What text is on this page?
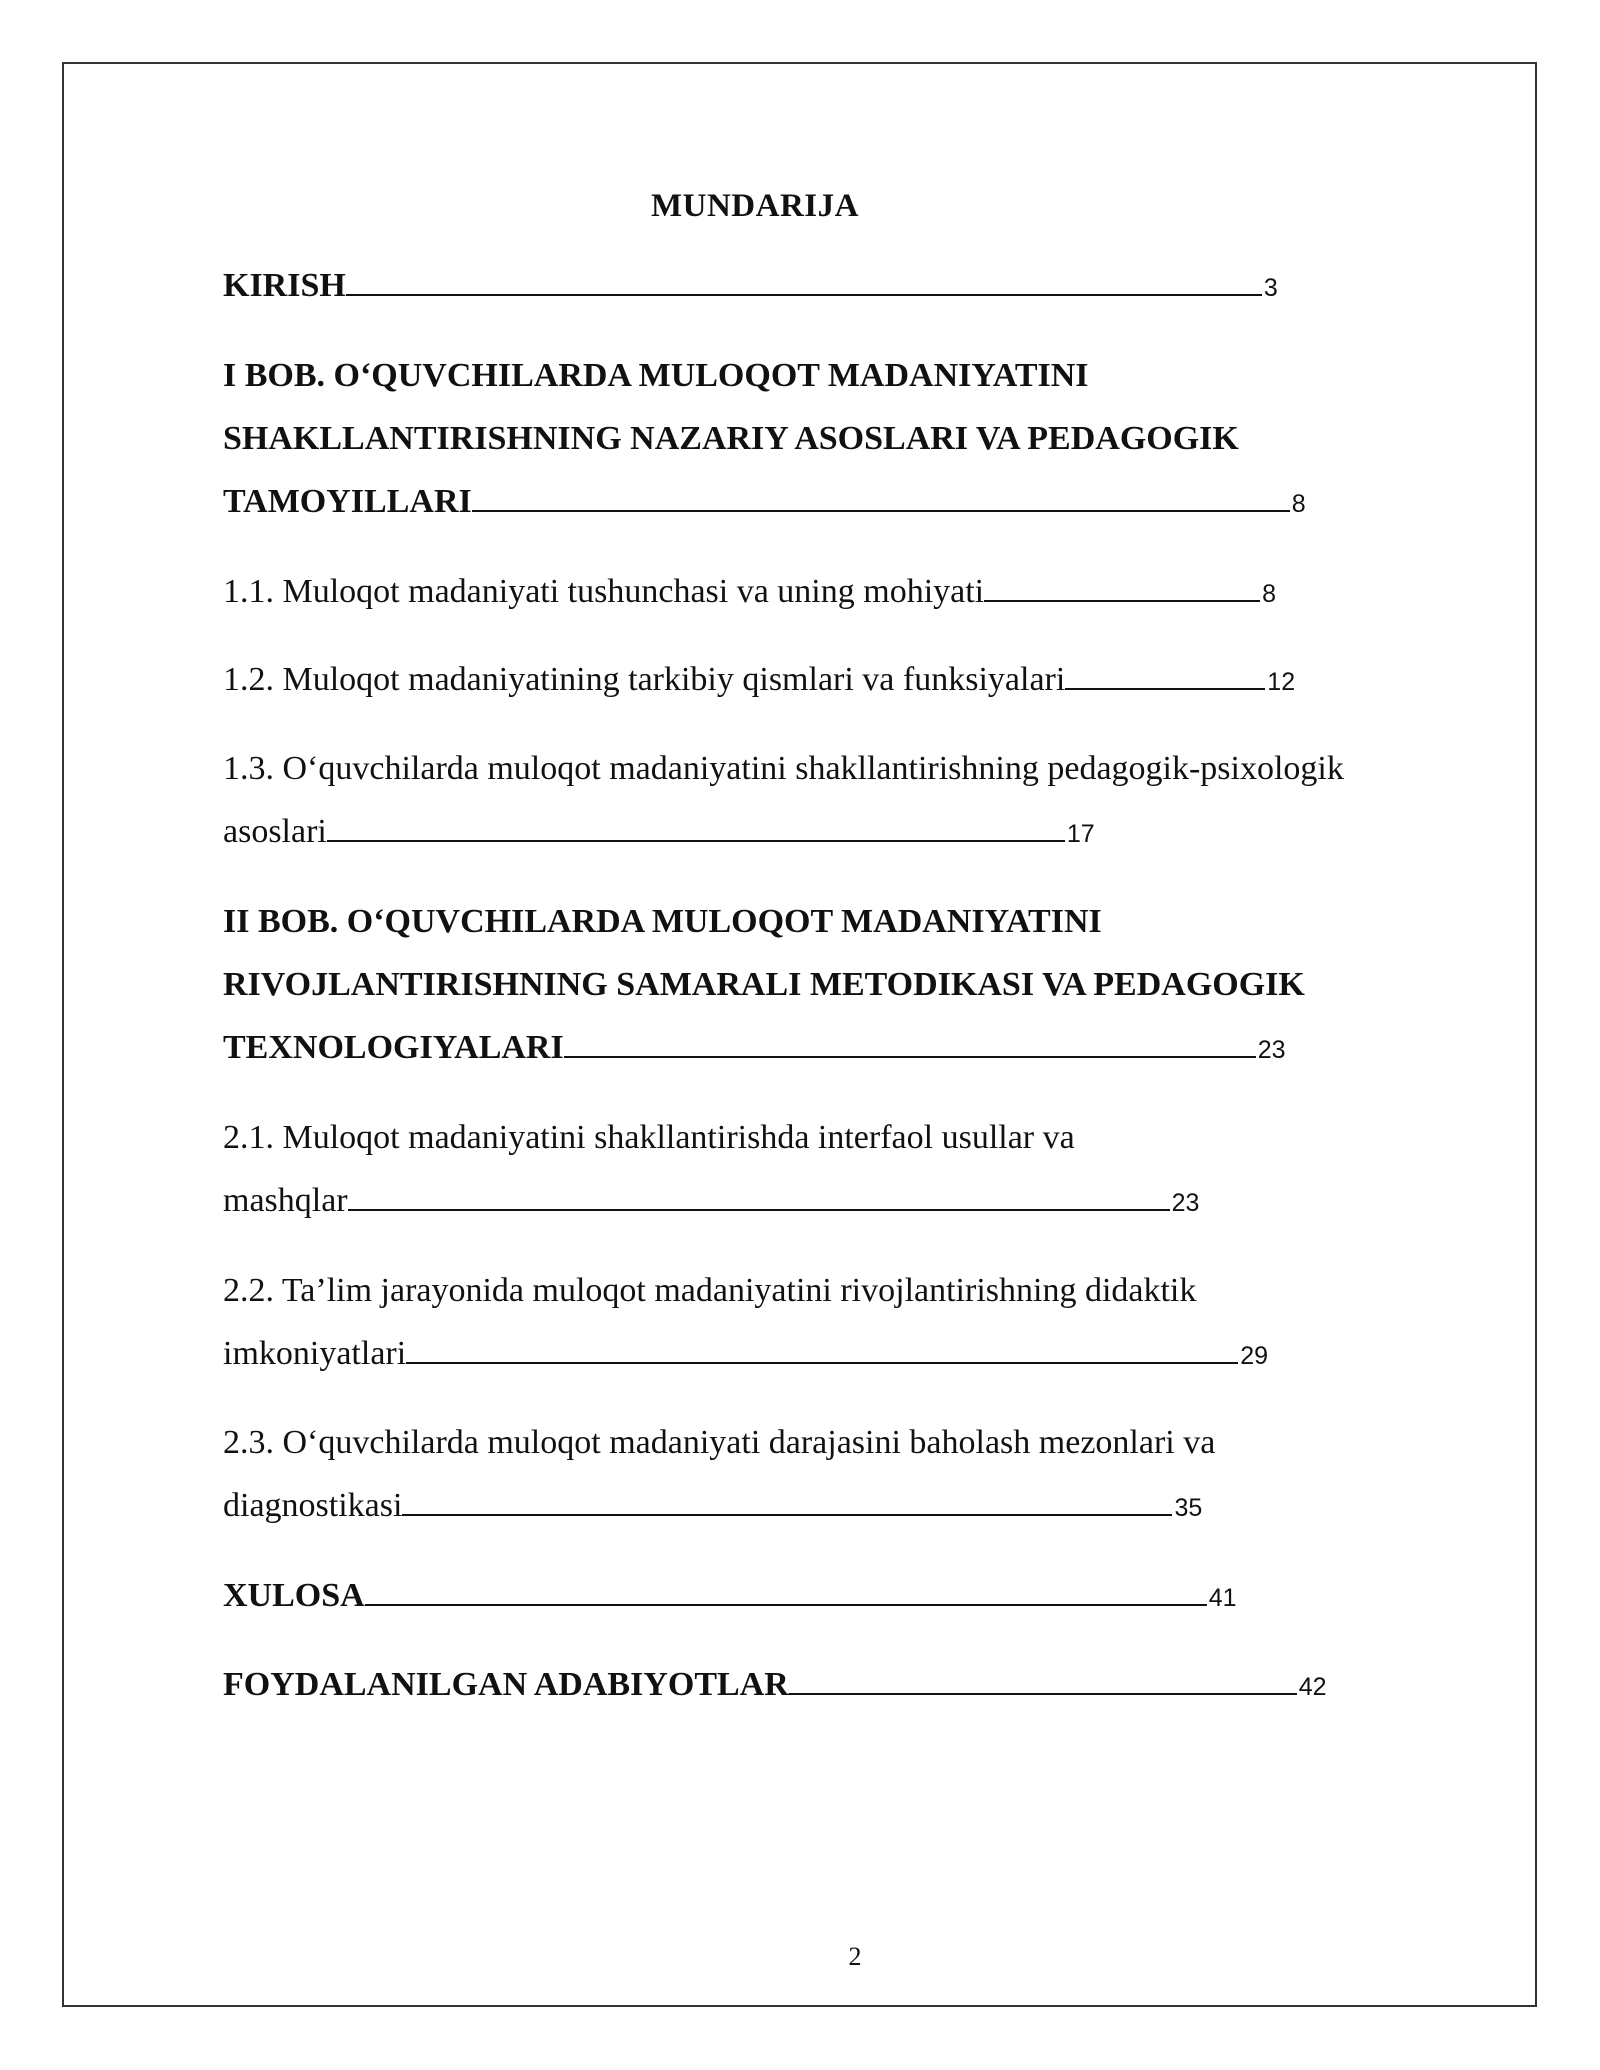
MUNDARIJA
KIRISH	3
I BOB. O‘QUVCHILARDA MULOQOT MADANIYATINI
SHAKLLANTIRISHNING NAZARIY ASOSLARI VA PEDAGOGIK
TAMOYILLARI	8
1.1. Muloqot madaniyati tushunchasi va uning mohiyati	8
1.2. Muloqot madaniyatining tarkibiy qismlari va funksiyalari	12
1.3. O‘quvchilarda muloqot madaniyatini shakllantirishning pedagogik-psixologik
asoslari	17
II BOB. O‘QUVCHILARDA MULOQOT MADANIYATINI
RIVOJLANTIRISHNING SAMARALI METODIKASI VA PEDAGOGIK
TEXNOLOGIYALARI	23
2.1. Muloqot madaniyatini shakllantirishda interfaol usullar va
mashqlar	23
2.2. Ta’lim jarayonida muloqot madaniyatini rivojlantirishning didaktik
imkoniyatlari	29
2.3. O‘quvchilarda muloqot madaniyati darajasini baholash mezonlari va
diagnostikasi	35
XULOSA	41
FOYDALANILGAN ADABIYOTLAR	42
2
